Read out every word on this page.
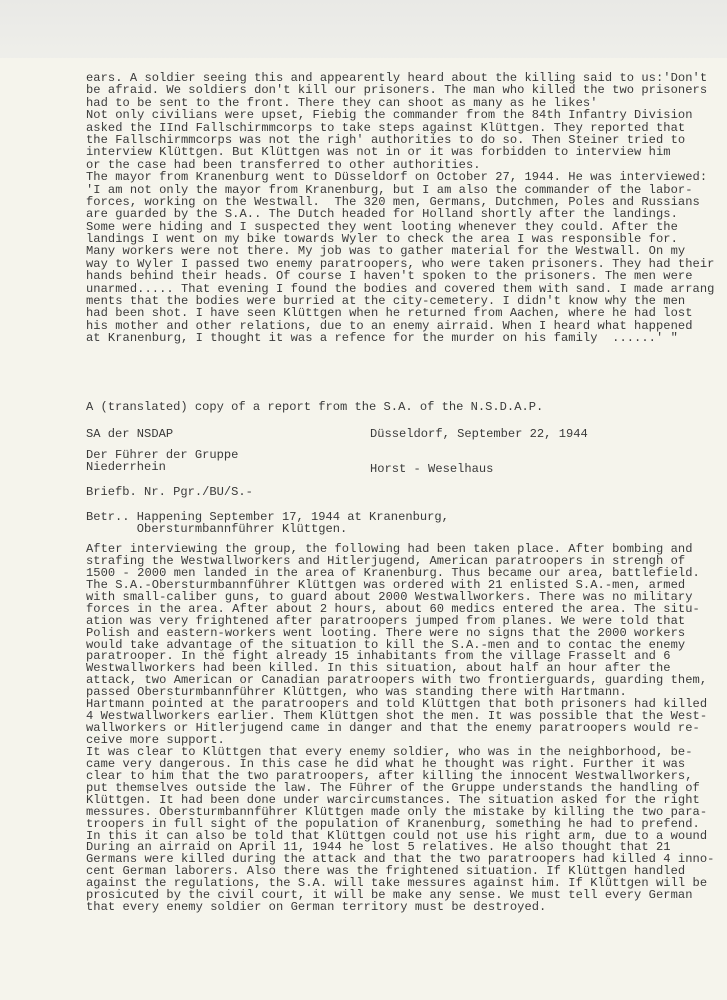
ears. A soldier seeing this and appearently heard about the killing said to us:'Don't
be afraid. We soldiers don't kill our prisoners. The man who killed the two prisoners
had to be sent to the front. There they can shoot as many as he likes'
Not only civilians were upset, Fiebig the commander from the 84th Infantry Division
asked the IInd Fallschirmmcorps to take steps against Klüttgen. They reported that
the Fallschirmmcorps was not the righ' authorities to do so. Then Steiner tried to
interview Klüttgen. But Klüttgen was not in or it was forbidden to interview him
or the case had been transferred to other authorities.
The mayor from Kranenburg went to Düsseldorf on October 27, 1944. He was interviewed:
'I am not only the mayor from Kranenburg, but I am also the commander of the labor-
forces, working on the Westwall.  The 320 men, Germans, Dutchmen, Poles and Russians
are guarded by the S.A.. The Dutch headed for Holland shortly after the landings.
Some were hiding and I suspected they went looting whenever they could. After the
landings I went on my bike towards Wyler to check the area I was responsible for.
Many workers were not there. My job was to gather material for the Westwall. On my
way to Wyler I passed two enemy paratroopers, who were taken prisoners. They had their
hands behind their heads. Of course I haven't spoken to the prisoners. The men were
unarmed..... That evening I found the bodies and covered them with sand. I made arrang
ments that the bodies were burried at the city-cemetery. I didn't know why the men
had been shot. I have seen Klüttgen when he returned from Aachen, where he had lost
his mother and other relations, due to an enemy airraid. When I heard what happened
at Kranenburg, I thought it was a refence for the murder on his family  ......' "
A (translated) copy of a report from the S.A. of the N.S.D.A.P.
SA der NSDAP	Düsseldorf, September 22, 1944
Der Führer der Gruppe
Niederrhein	Horst - Weselhaus
Briefb. Nr. Pgr./BU/S.-
Betr.. Happening September 17, 1944 at Kranenburg,
Obersturmbannführer Klüttgen.
After interviewing the group, the following had been taken place. After bombing and
strafing the Westwallworkers and Hitlerjugend, American paratroopers in strengh of
1500 - 2000 men landed in the area of Kranenburg. Thus became our area, battlefield.
The S.A.-Obersturmbannführer Klüttgen was ordered with 21 enlisted S.A.-men, armed
with small-caliber guns, to guard about 2000 Westwallworkers. There was no military
forces in the area. After about 2 hours, about 60 medics entered the area. The situ-
ation was very frightened after paratroopers jumped from planes. We were told that
Polish and eastern-workers went looting. There were no signs that the 2000 workers
would take advantage of the situation to kill the S.A.-men and to contac the enemy
paratrooper. In the fight already 15 inhabitants from the village Frasselt and 6
Westwallworkers had been killed. In this situation, about half an hour after the
attack, two American or Canadian paratroopers with two frontierguards, guarding them,
passed Obersturmbannführer Klüttgen, who was standing there with Hartmann.
Hartmann pointed at the paratroopers and told Klüttgen that both prisoners had killed
4 Westwallworkers earlier. Them Klüttgen shot the men. It was possible that the West-
wallworkers or Hitlerjugend came in danger and that the enemy paratroopers would re-
ceive more support.
It was clear to Klüttgen that every enemy soldier, who was in the neighborhood, be-
came very dangerous. In this case he did what he thought was right. Further it was
clear to him that the two paratroopers, after killing the innocent Westwallworkers,
put themselves outside the law. The Führer of the Gruppe understands the handling of
Klüttgen. It had been done under warcircumstances. The situation asked for the right
messures. Obersturmbannführer Klüttgen made only the mistake by killing the two para-
troopers in full sight of the population of Kranenburg, something he had to prefend.
In this it can also be told that Klüttgen could not use his right arm, due to a wound
During an airraid on April 11, 1944 he lost 5 relatives. He also thought that 21
Germans were killed during the attack and that the two paratroopers had killed 4 inno-
cent German laborers. Also there was the frightened situation. If Klüttgen handled
against the regulations, the S.A. will take messures against him. If Klüttgen will be
prosicuted by the civil court, it will be make any sense. We must tell every German
that every enemy soldier on German territory must be destroyed.
